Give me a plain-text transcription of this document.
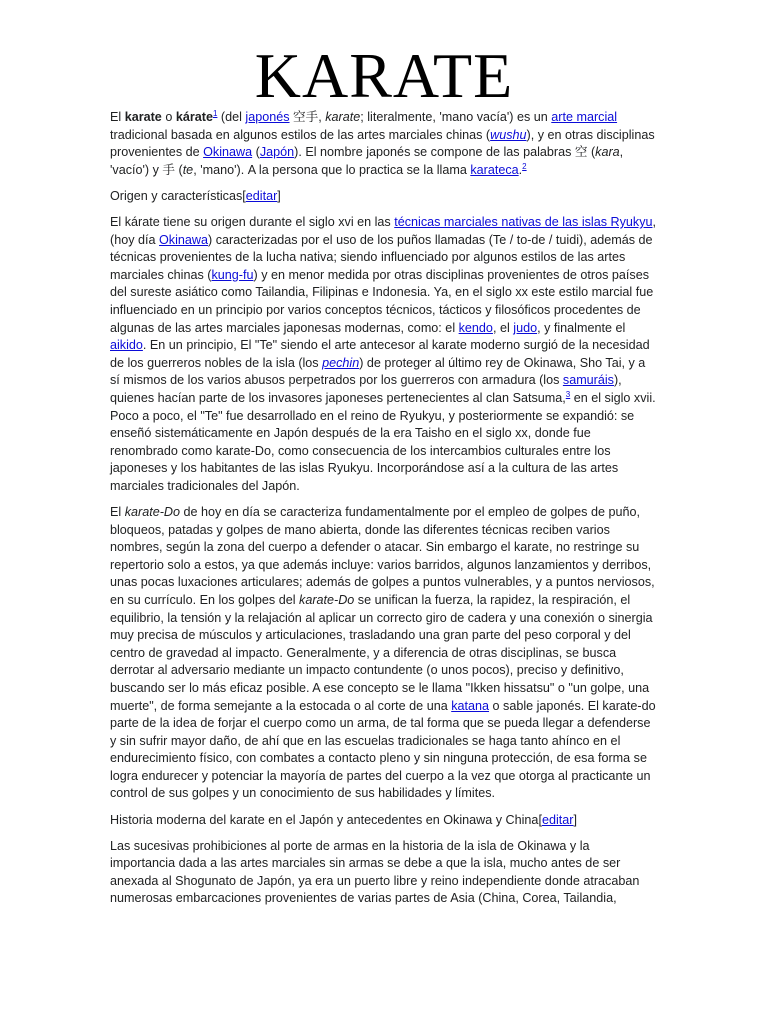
KARATE

El karate o kárate$^1$ (del japonés 空手, karate; literalmente, 'mano vacía') es un arte marcial tradicional basada en algunos estilos de las artes marciales chinas (wushu), y en otras disciplinas provenientes de Okinawa (Japón). El nombre japonés se compone de las palabras 空 (kara, 'vacío') y 手 (te, 'mano'). A la persona que lo practica se la llama karateca.$^2$

Origen y características[editar]

El kárate tiene su origen durante el siglo xvi en las técnicas marciales nativas de las islas Ryukyu, (hoy día Okinawa) caracterizadas por el uso de los puños llamadas (Te / to-de / tuidi), además de técnicas provenientes de la lucha nativa; siendo influenciado por algunos estilos de las artes marciales chinas (kung-fu) y en menor medida por otras disciplinas provenientes de otros países del sureste asiático como Tailandia, Filipinas e Indonesia. Ya, en el siglo xx este estilo marcial fue influenciado en un principio por varios conceptos técnicos, tácticos y filosóficos procedentes de algunas de las artes marciales japonesas modernas, como: el kendo, el judo, y finalmente el aikido. En un principio, El "Te" siendo el arte antecesor al karate moderno surgió de la necesidad de los guerreros nobles de la isla (los pechin) de proteger al último rey de Okinawa, Sho Tai, y a sí mismos de los varios abusos perpetrados por los guerreros con armadura (los samuráis), quienes hacían parte de los invasores japoneses pertenecientes al clan Satsuma,$^3$ en el siglo xvii. Poco a poco, el "Te" fue desarrollado en el reino de Ryukyu, y posteriormente se expandió: se enseñó sistemáticamente en Japón después de la era Taisho en el siglo xx, donde fue renombrado como karate-Do, como consecuencia de los intercambios culturales entre los japoneses y los habitantes de las islas Ryukyu. Incorporándose así a la cultura de las artes marciales tradicionales del Japón.

El karate-Do de hoy en día se caracteriza fundamentalmente por el empleo de golpes de puño, bloqueos, patadas y golpes de mano abierta, donde las diferentes técnicas reciben varios nombres, según la zona del cuerpo a defender o atacar. Sin embargo el karate, no restringe su repertorio solo a estos, ya que además incluye: varios barridos, algunos lanzamientos y derribos, unas pocas luxaciones articulares; además de golpes a puntos vulnerables, y a puntos nerviosos, en su currículo. En los golpes del karate-Do se unifican la fuerza, la rapidez, la respiración, el equilibrio, la tensión y la relajación al aplicar un correcto giro de cadera y una conexión o sinergia muy precisa de músculos y articulaciones, trasladando una gran parte del peso corporal y del centro de gravedad al impacto. Generalmente, y a diferencia de otras disciplinas, se busca derrotar al adversario mediante un impacto contundente (o unos pocos), preciso y definitivo, buscando ser lo más eficaz posible. A ese concepto se le llama "Ikken hissatsu" o "un golpe, una muerte", de forma semejante a la estocada o al corte de una katana o sable japonés. El karate-do parte de la idea de forjar el cuerpo como un arma, de tal forma que se pueda llegar a defenderse y sin sufrir mayor daño, de ahí que en las escuelas tradicionales se haga tanto ahínco en el endurecimiento físico, con combates a contacto pleno y sin ninguna protección, de esa forma se logra endurecer y potenciar la mayoría de partes del cuerpo a la vez que otorga al practicante un control de sus golpes y un conocimiento de sus habilidades y límites.

Historia moderna del karate en el Japón y antecedentes en Okinawa y China[editar]

Las sucesivas prohibiciones al porte de armas en la historia de la isla de Okinawa y la importancia dada a las artes marciales sin armas se debe a que la isla, mucho antes de ser anexada al Shogunato de Japón, ya era un puerto libre y reino independiente donde atracaban numerosas embarcaciones provenientes de varias partes de Asia (China, Corea, Tailandia,
